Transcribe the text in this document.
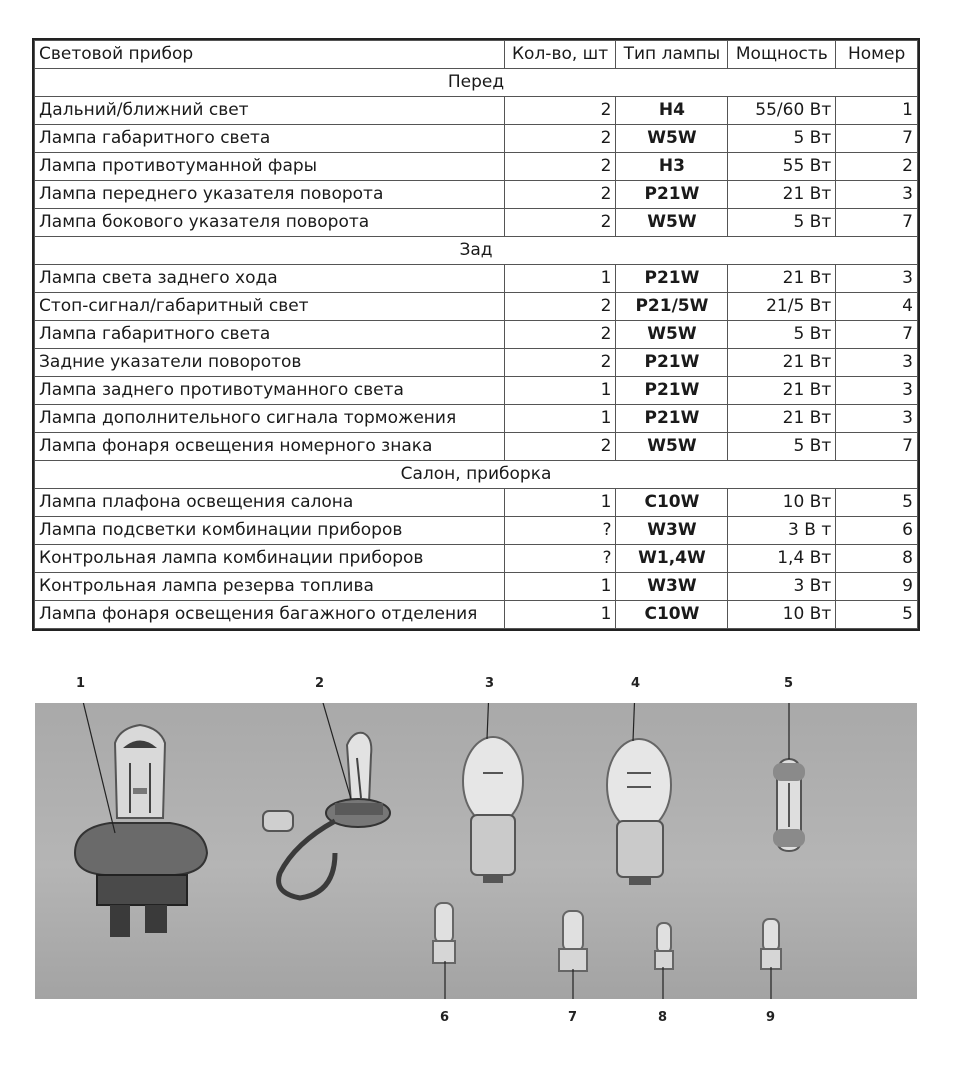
Световой прибор	Кол-во, шт	Тип лампы	Мощность	Номер
Перед				
Дальний/ближний свет	2	H4	55/60 Вт	1
Лампа габаритного света	2	W5W	5 Вт	7
Лампа противотуманной фары	2	H3	55 Вт	2
Лампа переднего указателя поворота	2	P21W	21 Вт	3
Лампа бокового указателя поворота	2	W5W	5 Вт	7
Зад				
Лампа света заднего хода	1	P21W	21 Вт	3
Стоп-сигнал/габаритный свет	2	P21/5W	21/5 Вт	4
Лампа габаритного света	2	W5W	5 Вт	7
Задние указатели поворотов	2	P21W	21 Вт	3
Лампа заднего противотуманного света	1	P21W	21 Вт	3
Лампа дополнительного сигнала торможения	1	P21W	21 Вт	3
Лампа фонаря освещения номерного знака	2	W5W	5 Вт	7
Салон, приборка				
Лампа плафона освещения салона	1	C10W	10 Вт	5
Лампа подсветки комбинации приборов	?	W3W	3 В т	6
Контрольная лампа комбинации приборов	?	W1,4W	1,4 Вт	8
Контрольная лампа резерва топлива	1	W3W	3 Вт	9
Лампа фонаря освещения багажного отделения	1	C10W	10 Вт	5
1	2	3	4	5
6	7	8	9
